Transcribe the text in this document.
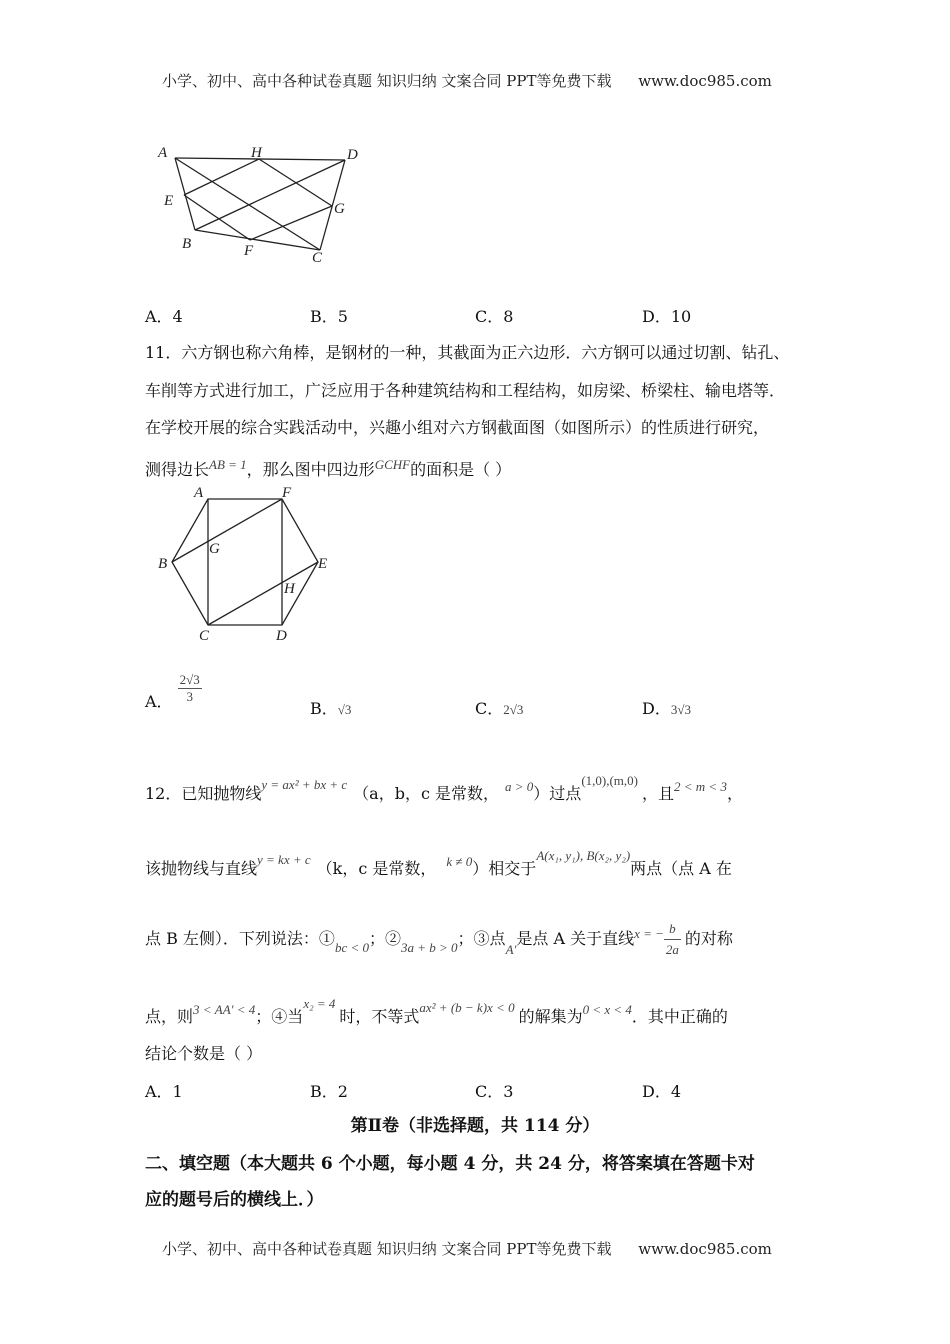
小学、初中、高中各种试卷真题 知识归纳 文案合同 PPT等免费下载 www.doc985.com
A	H	D
E	G
B	F	C
A．4	B．5	C．8	D．10
11．六方钢也称六角棒，是钢材的一种，其截面为正六边形．六方钢可以通过切割、钻孔、
车削等方式进行加工，广泛应用于各种建筑结构和工程结构，如房梁、桥梁柱、输电塔等．
在学校开展的综合实践活动中，兴趣小组对六方钢截面图（如图所示）的性质进行研究，
测得边长$^{AB = 1}$，那么图中四边形$^{GCHF}$的面积是（ ）
A	F
B
G
E
H
C	D
A． $\frac{2√3}{3}$
B．√3	C．2√3	D．3√3
12．已知抛物线$^{y = ax^2 + bx + c}$ （a，b，c 是常数， $^{a > 0}$）过点$^{(1,0),(m,0)}$，且$^{2 < m < 3}$，
该抛物线与直线$^{y = kx + c}$ （k，c 是常数， $^{k \ne 0}$）相交于$^{A(x_1, y_1), B(x_2, y_2)}$两点（点 A 在
点 B 左侧）．下列说法：$①_{bc < 0}$；$②_{3a + b > 0}$；③点$_{A'}$是点 A 关于直线$^{x = -} \frac{b}{2a}$ 的对称
点，则$^{3 < AA' < 4}$；④当$^{x_2 = 4}$时，不等式$^{ax^2 + (b - k)x < 0}$ 的解集为$^{0 < x < 4}$．其中正确的
结论个数是（ ）
A．1	B．2	C．3	D．4
第Ⅱ卷（非选择题，共 114 分）
二、填空题（本大题共 6 个小题，每小题 4 分，共 24 分，将答案填在答题卡对
应的题号后的横线上．）
小学、初中、高中各种试卷真题 知识归纳 文案合同 PPT等免费下载 www.doc985.com
